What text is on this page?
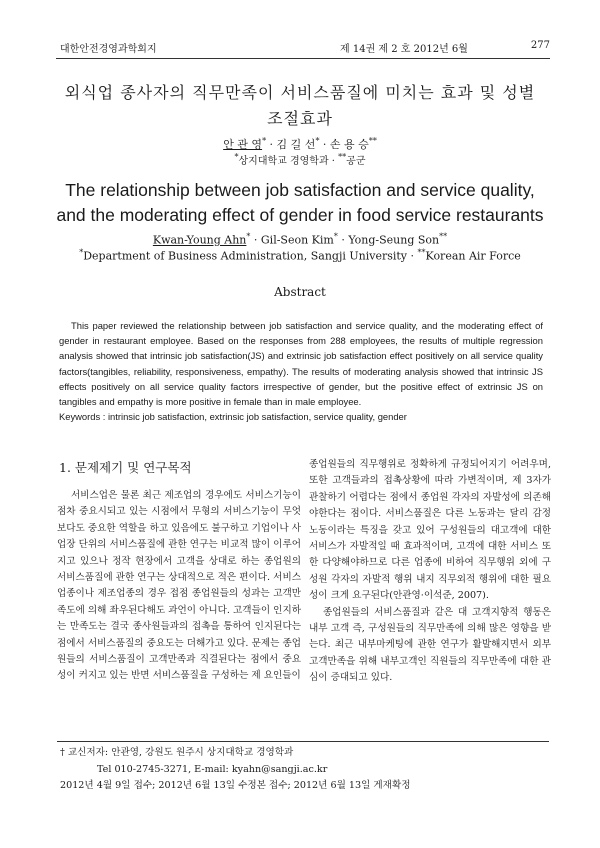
대한안전경영과학회지	제 14권 제 2 호 2012년 6월	277
외식업 종사자의 직무만족이 서비스품질에 미치는 효과 및 성별
조절효과
안 관 영* · 김 길 선* · 손 용 승**
*상지대학교 경영학과 · **공군
The relationship between job satisfaction and service quality,
and the moderating effect of gender in food service restaurants
Kwan-Young Ahn* · Gil-Seon Kim* · Yong-Seung Son**
*Department of Business Administration, Sangji University · **Korean Air Force
Abstract

This paper reviewed the relationship between job satisfaction and service quality, and the moderating effect of gender in restaurant employee. Based on the responses from 288 employees, the results of multiple regression analysis showed that intrinsic job satisfaction(JS) and extrinsic job satisfaction effect positively on all service quality factors(tangibles, reliability, responsiveness, empathy). The results of moderating analysis showed that intrinsic JS effects positively on all service quality factors irrespective of gender, but the positive effect of extrinsic JS on tangibles and empathy is more positive in female than in male employee.

Keywords : intrinsic job satisfaction, extrinsic job satisfaction, service quality, gender

1. 문제제기 및 연구목적

서비스업은 물론 최근 제조업의 경우에도 서비스기능이 점차 중요시되고 있는 시점에서 무형의 서비스기능이 무엇보다도 중요한 역할을 하고 있음에도 불구하고 기업이나 사업장 단위의 서비스품질에 관한 연구는 비교적 많이 이루어지고 있으나 정작 현장에서 고객을 상대로 하는 종업원의 서비스품질에 관한 연구는 상대적으로 적은 편이다. 서비스업종이나 제조업종의 경우 접점 종업원들의 성과는 고객만족도에 의해 좌우된다해도 과언이 아니다. 고객들이 인지하는 만족도는 결국 종사원들과의 접촉을 통하여 인지된다는 점에서 서비스품질의 중요도는 더해가고 있다. 문제는 종업원들의 서비스품질이 고객만족과 직결된다는 점에서 중요성이 커지고 있는 반면 서비스품질을 구성하는 제 요인들이

종업원들의 직무행위로 정확하게 규정되어지기 어려우며, 또한 고객들과의 접촉상황에 따라 가변적이며, 제 3자가 관찰하기 어렵다는 점에서 종업원 각자의 자발성에 의존해야한다는 점이다. 서비스품질은 다른 노동과는 달리 감정노동이라는 특징을 갖고 있어 구성원들의 대고객에 대한 서비스가 자발적일 때 효과적이며, 고객에 대한 서비스 또한 다양해야하므로 다른 업종에 비하여 직무행위 외에 구성원 각자의 자발적 행위 내지 직무외적 행위에 대한 필요성이 크게 요구된다(안관영·이석준, 2007).

종업원들의 서비스품질과 같은 대 고객지향적 행동은 내부 고객 즉, 구성원들의 직무만족에 의해 많은 영향을 받는다. 최근 내부마케팅에 관한 연구가 활발해지면서 외부 고객만족을 위해 내부고객인 직원들의 직무만족에 대한 관심이 증대되고 있다.

† 교신저자: 안관영, 강원도 원주시 상지대학교 경영학과
Tel 010-2745-3271, E-mail: kyahn@sangji.ac.kr
2012년 4월 9일 접수; 2012년 6월 13일 수정본 접수; 2012년 6월 13일 게재확정
